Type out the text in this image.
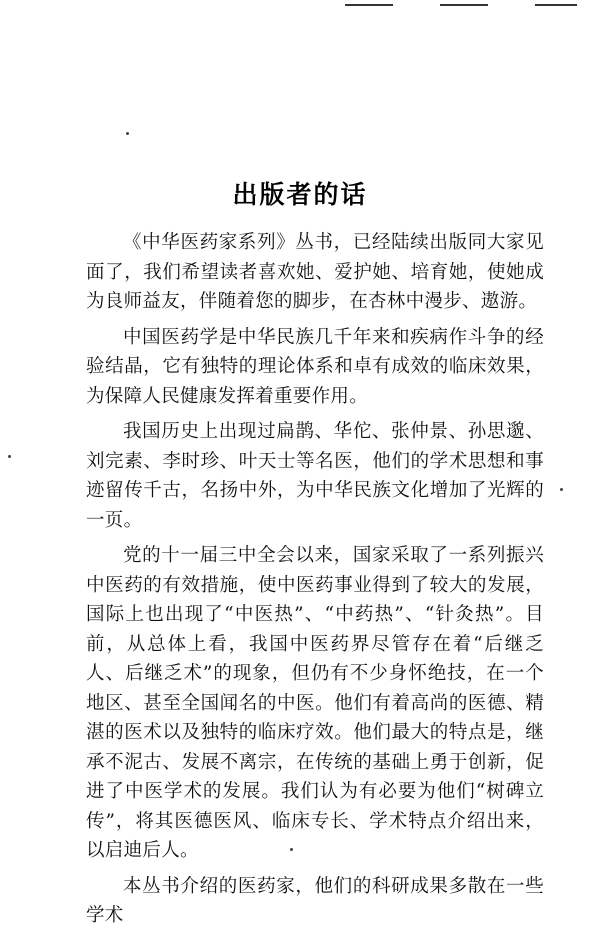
出版者的话

《中华医药家系列》丛书，已经陆续出版同大家见面了，我们希望读者喜欢她、爱护她、培育她，使她成为良师益友，伴随着您的脚步，在杏林中漫步、遨游。

中国医药学是中华民族几千年来和疾病作斗争的经验结晶，它有独特的理论体系和卓有成效的临床效果，为保障人民健康发挥着重要作用。

我国历史上出现过扁鹊、华佗、张仲景、孙思邈、刘完素、李时珍、叶天士等名医，他们的学术思想和事迹留传千古，名扬中外，为中华民族文化增加了光辉的一页。

党的十一届三中全会以来，国家采取了一系列振兴中医药的有效措施，使中医药事业得到了较大的发展，国际上也出现了“中医热”、“中药热”、“针灸热”。目前，从总体上看，我国中医药界尽管存在着“后继乏人、后继乏术”的现象，但仍有不少身怀绝技，在一个地区、甚至全国闻名的中医。他们有着高尚的医德、精湛的医术以及独特的临床疗效。他们最大的特点是，继承不泥古、发展不离宗，在传统的基础上勇于创新，促进了中医学术的发展。我们认为有必要为他们“树碑立传”，将其医德医风、临床专长、学术特点介绍出来，以启迪后人。

本丛书介绍的医药家，他们的科研成果多散在一些学术
